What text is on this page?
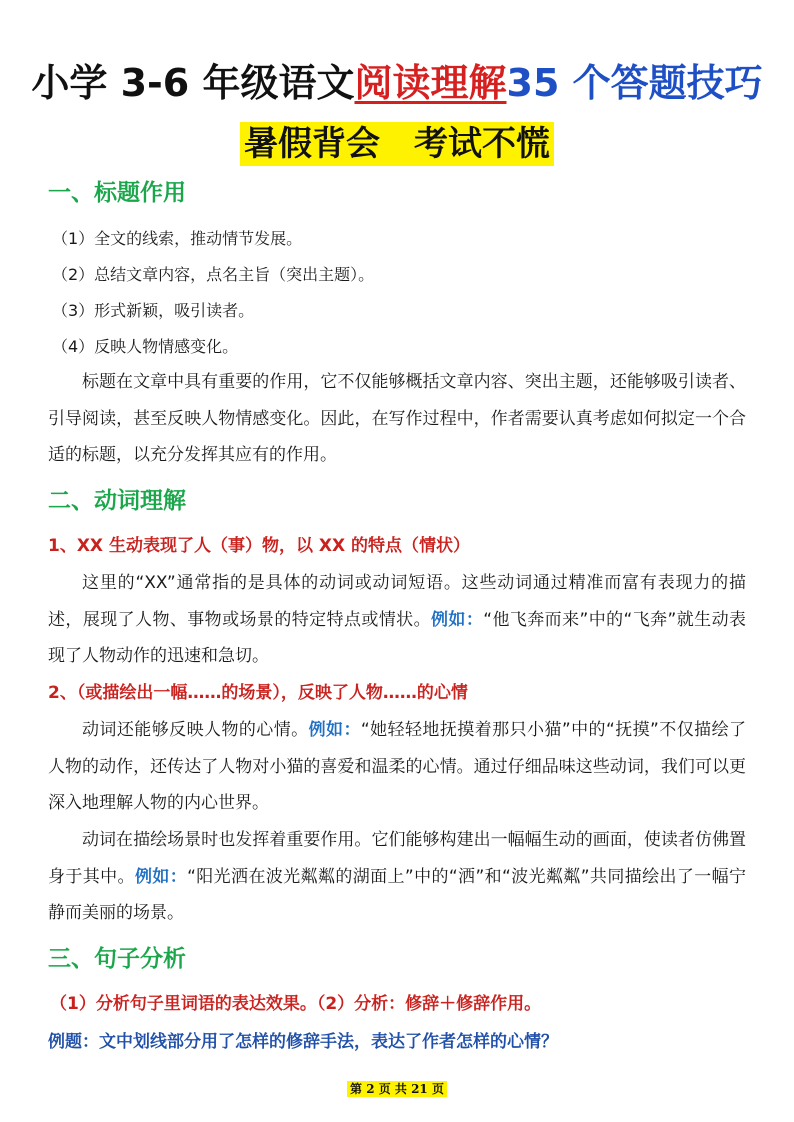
小学 3-6 年级语文阅读理解35 个答题技巧
暑假背会　考试不慌
一、标题作用
（1）全文的线索，推动情节发展。
（2）总结文章内容，点名主旨（突出主题）。
（3）形式新颖，吸引读者。
（4）反映人物情感变化。
标题在文章中具有重要的作用，它不仅能够概括文章内容、突出主题，还能够吸引读者、引导阅读，甚至反映人物情感变化。因此，在写作过程中，作者需要认真考虑如何拟定一个合适的标题，以充分发挥其应有的作用。
二、动词理解
1、XX 生动表现了人（事）物，以 XX 的特点（情状）
这里的“XX”通常指的是具体的动词或动词短语。这些动词通过精准而富有表现力的描述，展现了人物、事物或场景的特定特点或情状。例如：“他飞奔而来”中的“飞奔”就生动表现了人物动作的迅速和急切。
2、（或描绘出一幅……的场景），反映了人物……的心情
动词还能够反映人物的心情。例如：“她轻轻地抚摸着那只小猫”中的“抚摸”不仅描绘了人物的动作，还传达了人物对小猫的喜爱和温柔的心情。通过仔细品味这些动词，我们可以更深入地理解人物的内心世界。
动词在描绘场景时也发挥着重要作用。它们能够构建出一幅幅生动的画面，使读者仿佛置身于其中。例如：“阳光洒在波光粼粼的湖面上”中的“洒”和“波光粼粼”共同描绘出了一幅宁静而美丽的场景。
三、句子分析
（1）分析句子里词语的表达效果。（2）分析：修辞＋修辞作用。
例题：文中划线部分用了怎样的修辞手法，表达了作者怎样的心情？
第 2 页 共 21 页
